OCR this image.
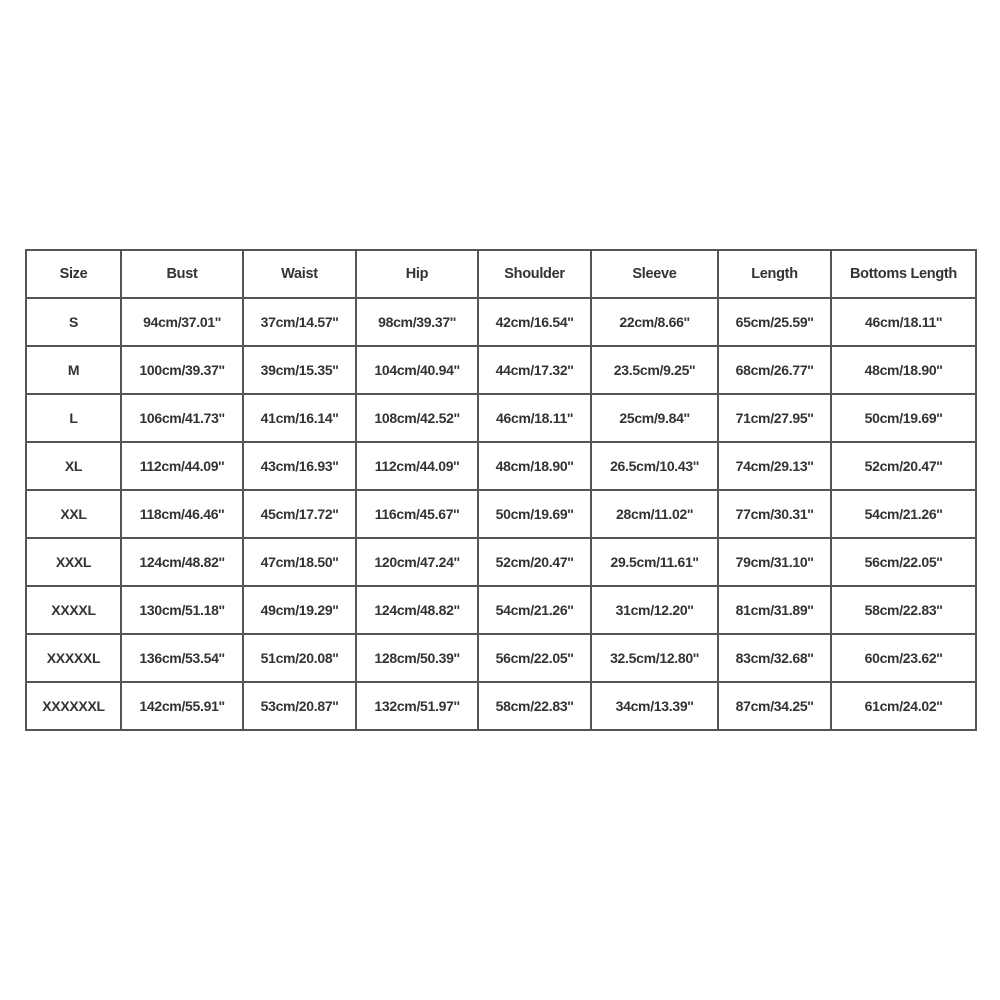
Size	Bust	Waist	Hip	Shoulder	Sleeve	Length	Bottoms Length
S	94cm/37.01''	37cm/14.57''	98cm/39.37''	42cm/16.54''	22cm/8.66''	65cm/25.59''	46cm/18.11''
M	100cm/39.37''	39cm/15.35''	104cm/40.94''	44cm/17.32''	23.5cm/9.25''	68cm/26.77''	48cm/18.90''
L	106cm/41.73''	41cm/16.14''	108cm/42.52''	46cm/18.11''	25cm/9.84''	71cm/27.95''	50cm/19.69''
XL	112cm/44.09''	43cm/16.93''	112cm/44.09''	48cm/18.90''	26.5cm/10.43''	74cm/29.13''	52cm/20.47''
XXL	118cm/46.46''	45cm/17.72''	116cm/45.67''	50cm/19.69''	28cm/11.02''	77cm/30.31''	54cm/21.26''
XXXL	124cm/48.82''	47cm/18.50''	120cm/47.24''	52cm/20.47''	29.5cm/11.61''	79cm/31.10''	56cm/22.05''
XXXXL	130cm/51.18''	49cm/19.29''	124cm/48.82''	54cm/21.26''	31cm/12.20''	81cm/31.89''	58cm/22.83''
XXXXXL	136cm/53.54''	51cm/20.08''	128cm/50.39''	56cm/22.05''	32.5cm/12.80''	83cm/32.68''	60cm/23.62''
XXXXXXL	142cm/55.91''	53cm/20.87''	132cm/51.97''	58cm/22.83''	34cm/13.39''	87cm/34.25''	61cm/24.02''
